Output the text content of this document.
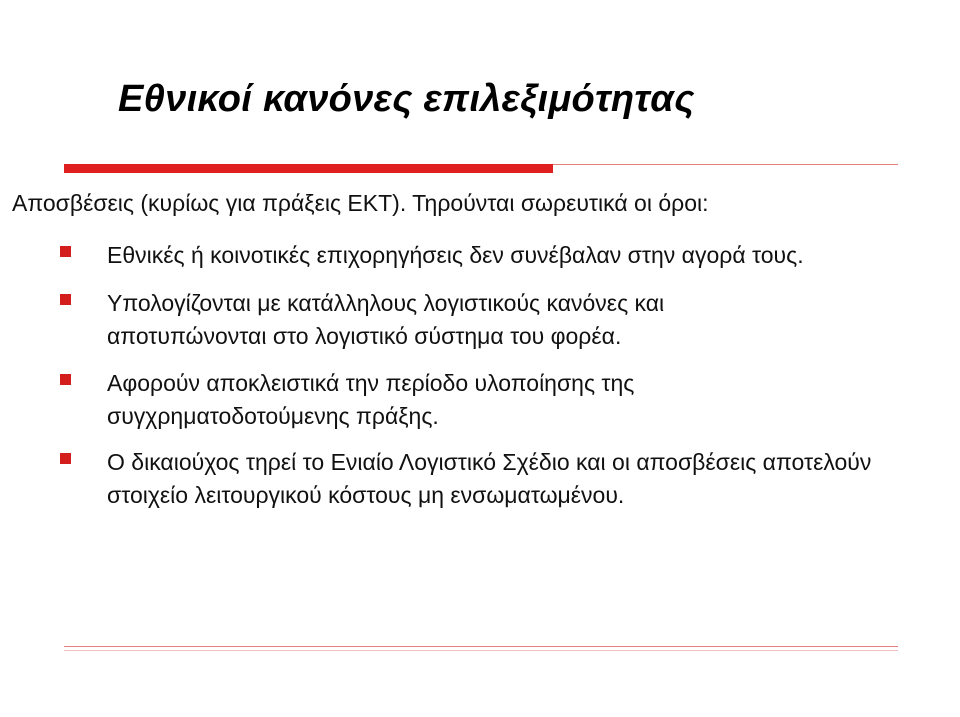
Εθνικοί κανόνες επιλεξιμότητας
Αποσβέσεις (κυρίως για πράξεις ΕΚΤ). Τηρούνται σωρευτικά οι όροι:
Εθνικές ή κοινοτικές επιχορηγήσεις δεν συνέβαλαν στην αγορά τους.
Υπολογίζονται με κατάλληλους λογιστικούς κανόνες και αποτυπώνονται στο λογιστικό σύστημα του φορέα.
Αφορούν αποκλειστικά την περίοδο υλοποίησης της συγχρηματοδοτούμενης πράξης.
Ο δικαιούχος τηρεί το Ενιαίο Λογιστικό Σχέδιο και οι αποσβέσεις αποτελούν στοιχείο λειτουργικού κόστους μη ενσωματωμένου.
